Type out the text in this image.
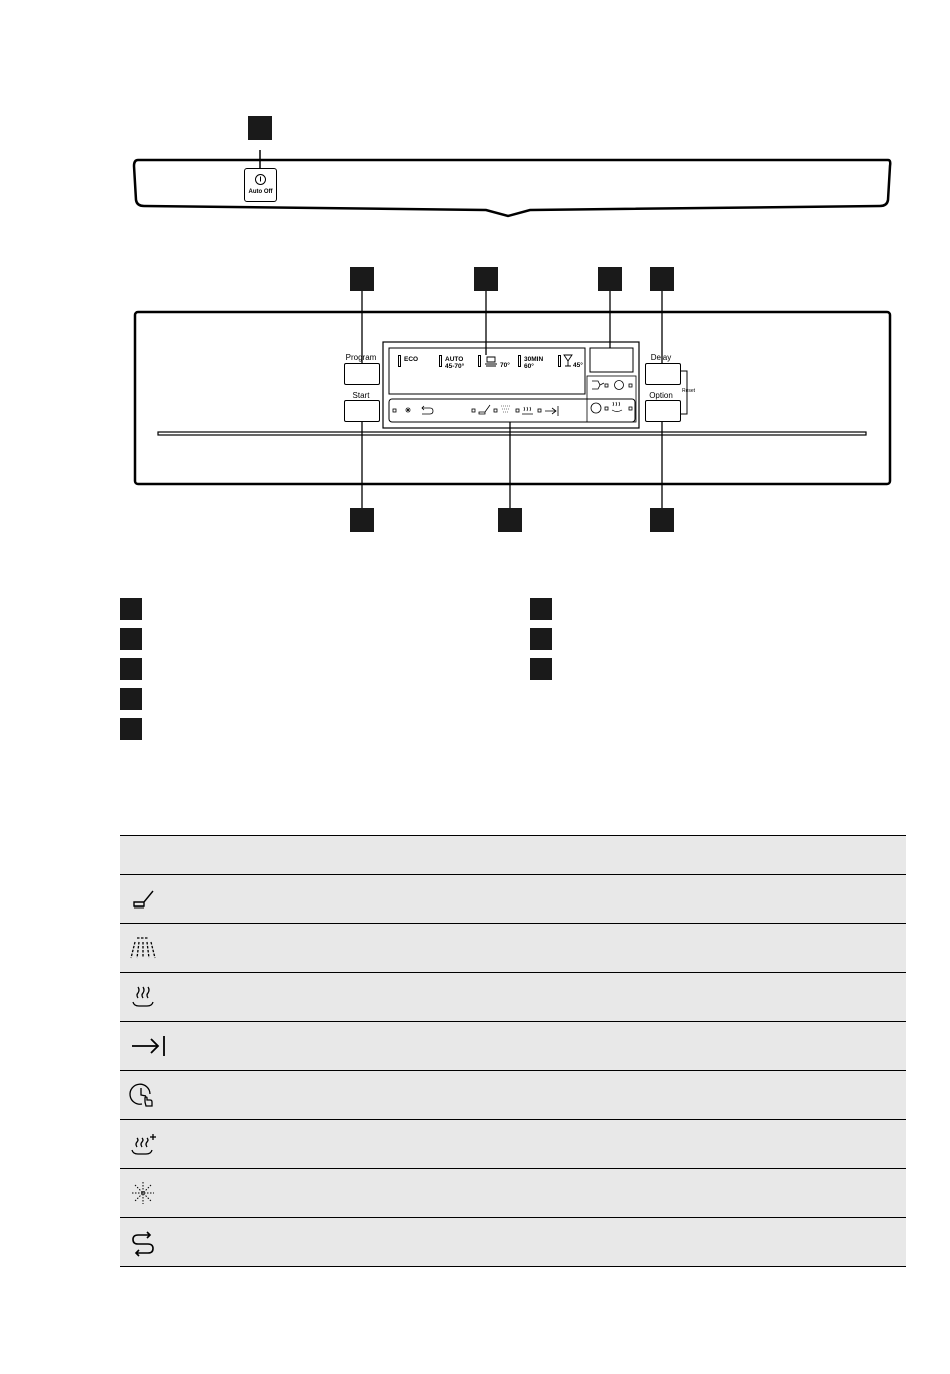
Auto Off
Program
Start
Delay
Option	Reset
ECO	AUTO
45-70°	70°
30MIN
60°	45°
